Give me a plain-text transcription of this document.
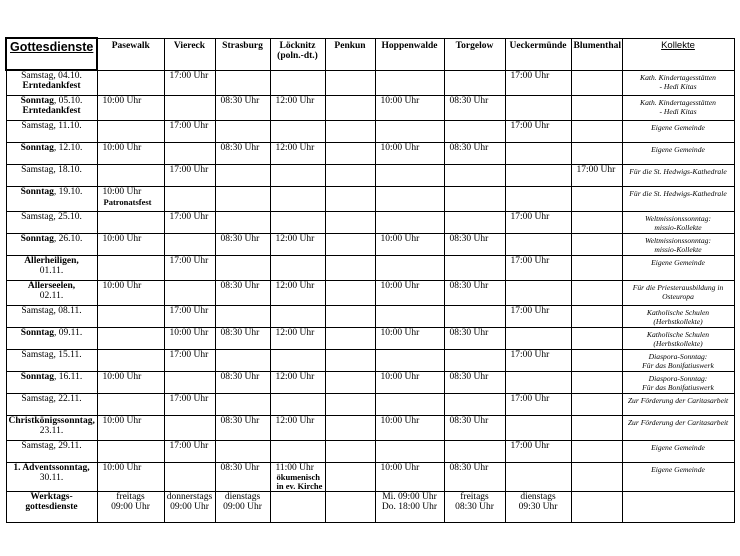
Gottesdienste	Pasewalk	Viereck	Strasburg	Löcknitz
(poln.-dt.)	Penkun	Hoppenwalde	Torgelow	Ueckermünde	Blumenthal	Kollekte
Samstag, 04.10.
Erntedankfest		17:00 Uhr						17:00 Uhr		Kath. Kindertagesstätten
- Hedi Kitas
Sonntag, 05.10.
Erntedankfest	10:00 Uhr		08:30 Uhr	12:00 Uhr		10:00 Uhr	08:30 Uhr			Kath. Kindertagesstätten
- Hedi Kitas
Samstag, 11.10.		17:00 Uhr						17:00 Uhr		Eigene Gemeinde
Sonntag, 12.10.	10:00 Uhr		08:30 Uhr	12:00 Uhr		10:00 Uhr	08:30 Uhr			Eigene Gemeinde
Samstag, 18.10.		17:00 Uhr							17:00 Uhr	Für die St. Hedwigs-Kathedrale
Sonntag, 19.10.	10:00 Uhr
Patronatsfest									Für die St. Hedwigs-Kathedrale
Samstag, 25.10.		17:00 Uhr						17:00 Uhr		Weltmissionssonntag:
missio-Kollekte
Sonntag, 26.10.	10:00 Uhr		08:30 Uhr	12:00 Uhr		10:00 Uhr	08:30 Uhr			Weltmissionssonntag:
missio-Kollekte
Allerheiligen,
01.11.		17:00 Uhr						17:00 Uhr		Eigene Gemeinde
Allerseelen,
02.11.	10:00 Uhr		08:30 Uhr	12:00 Uhr		10:00 Uhr	08:30 Uhr			Für die Priesterausbildung in
Osteuropa
Samstag, 08.11.		17:00 Uhr						17:00 Uhr		Katholische Schulen
(Herbstkollekte)
Sonntag, 09.11.		10:00 Uhr	08:30 Uhr	12:00 Uhr		10:00 Uhr	08:30 Uhr			Katholische Schulen
(Herbstkollekte)
Samstag, 15.11.		17:00 Uhr						17:00 Uhr		Diaspora-Sonntag:
Für das Bonifatiuswerk
Sonntag, 16.11.	10:00 Uhr		08:30 Uhr	12:00 Uhr		10:00 Uhr	08:30 Uhr			Diaspora-Sonntag:
Für das Bonifatiuswerk
Samstag, 22.11.		17:00 Uhr						17:00 Uhr		Zur Förderung der Caritasarbeit
Christkönigssonntag,
23.11.	10:00 Uhr		08:30 Uhr	12:00 Uhr		10:00 Uhr	08:30 Uhr			Zur Förderung der Caritasarbeit
Samstag, 29.11.		17:00 Uhr						17:00 Uhr		Eigene Gemeinde
1. Adventssonntag,
30.11.	10:00 Uhr		08:30 Uhr	11:00 Uhr
ökumenisch
in ev. Kirche		10:00 Uhr	08:30 Uhr			Eigene Gemeinde
Werktags-
gottesdienste	freitags
09:00 Uhr	donnerstags
09:00 Uhr	dienstags
09:00 Uhr			Mi. 09:00 Uhr
Do. 18:00 Uhr	freitags
08:30 Uhr	dienstags
09:30 Uhr		
